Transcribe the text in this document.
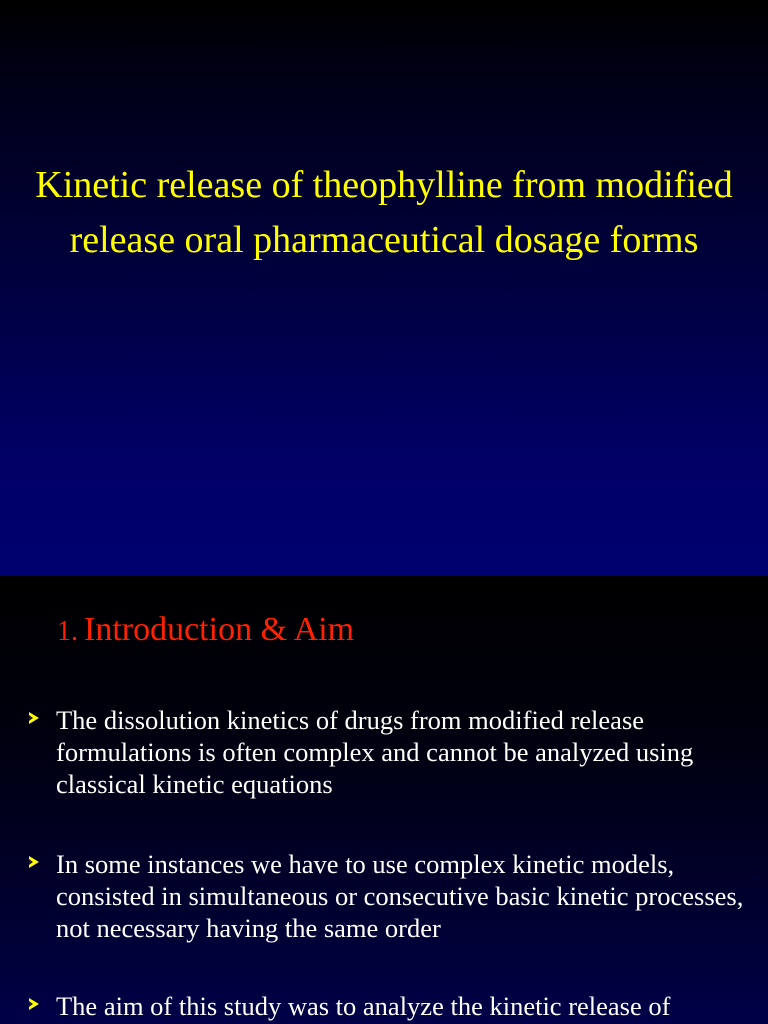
Kinetic release of theophylline from modified release oral pharmaceutical dosage forms
1. Introduction & Aim

The dissolution kinetics of drugs from modified release formulations is often complex and cannot be analyzed using classical kinetic equations

In some instances we have to use complex kinetic models, consisted in simultaneous or consecutive basic kinetic processes, not necessary having the same order

The aim of this study was to analyze the kinetic release of
